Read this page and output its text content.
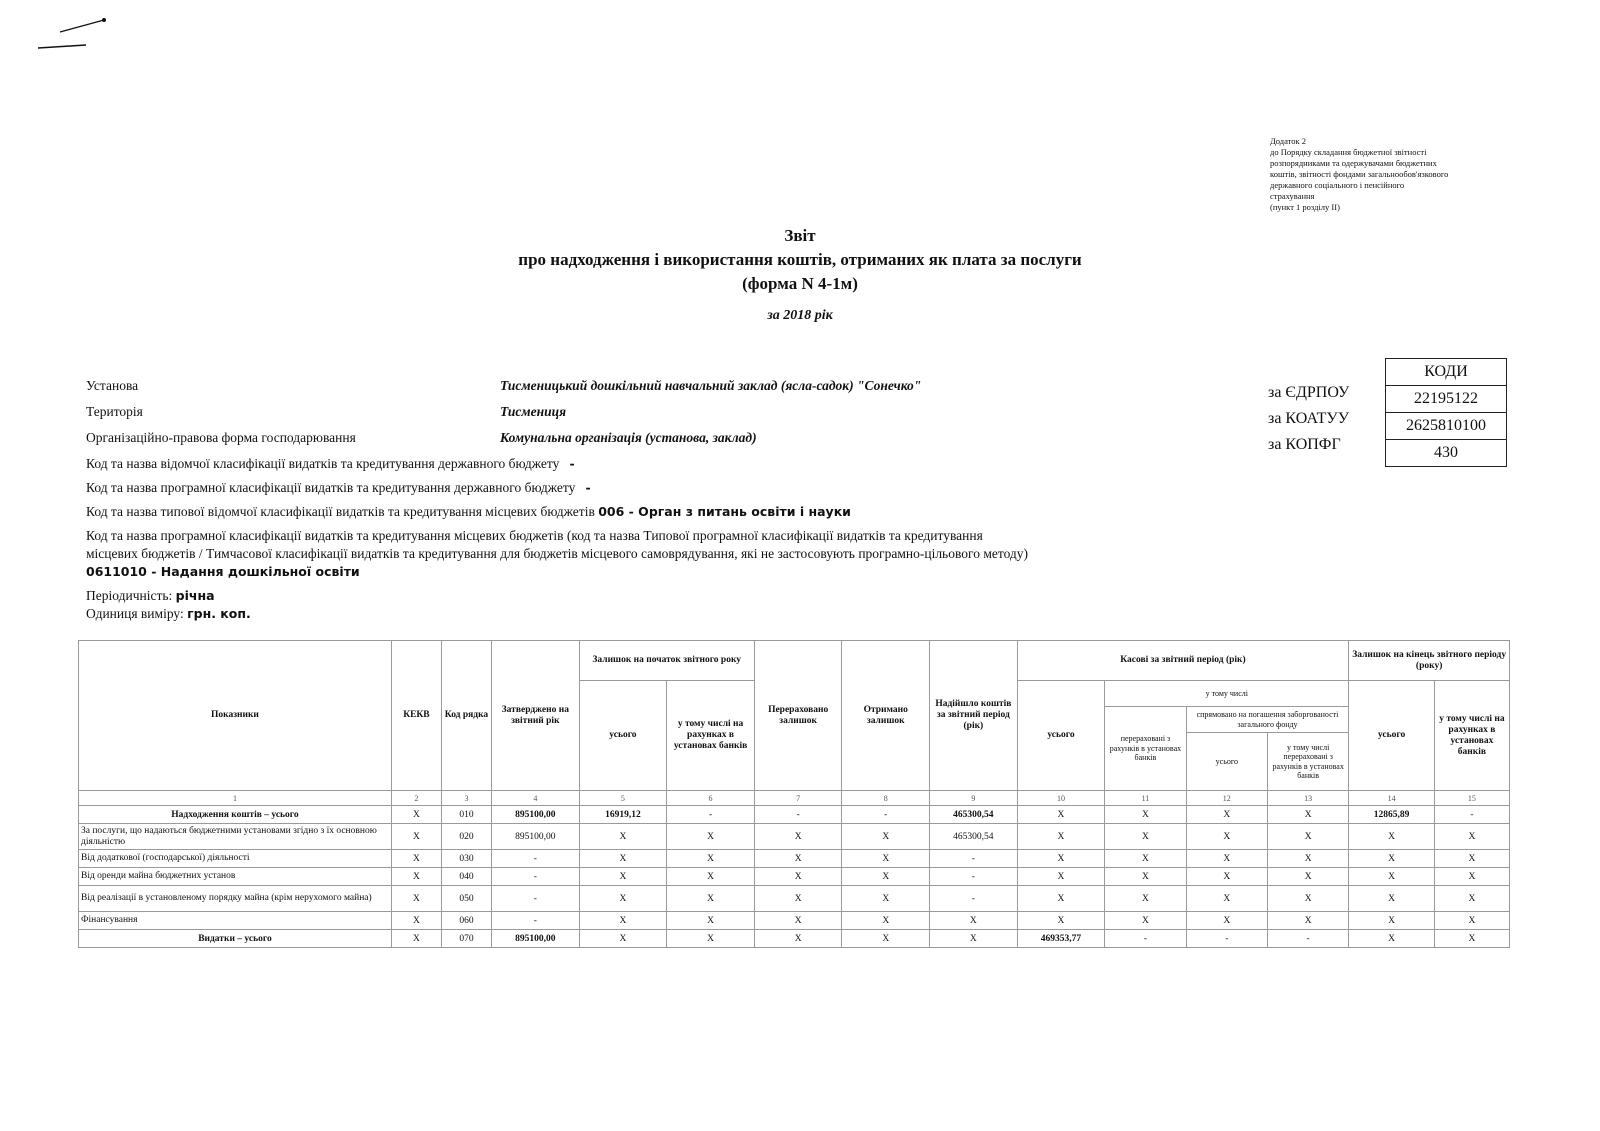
Додаток 2
до Порядку складання бюджетної звітності
розпорядниками та одержувачами бюджетних
коштів, звітності фондами загальнообов'язкового
державного соціального і пенсійного
страхування
(пункт 1 розділу ІІ)
Звіт
про надходження і використання коштів, отриманих як плата за послуги
(форма N 4-1м)
за 2018 рік
Установа	Тисменицький дошкільний навчальний заклад (ясла-садок) "Сонечко"
Територія	Тисмениця
Організаційно-правова форма господарювання	Комунальна організація (установа, заклад)
за ЄДРПОУ
за КОАТУУ
за КОПФГ
КОДИ
22195122
2625810100
430
Код та назва відомчої класифікації видатків та кредитування державного бюджету -
Код та назва програмної класифікації видатків та кредитування державного бюджету -
Код та назва типової відомчої класифікації видатків та кредитування місцевих бюджетів 006 - Орган з питань освіти і науки
Код та назва програмної класифікації видатків та кредитування місцевих бюджетів (код та назва Типової програмної класифікації видатків та кредитування
місцевих бюджетів / Тимчасової класифікації видатків та кредитування для бюджетів місцевого самоврядування, які не застосовують програмно-цільового методу)
0611010 - Надання дошкільної освіти
Періодичність: річна
Одиниця виміру: грн. коп.
Показники	КЕКВ	Код рядка	Затверджено на звітний рік	Залишок на початок звітного року		Перераховано залишок	Отримано залишок	Надійшло коштів за звітний період (рік)	Касові за звітний період (рік)				Залишок на кінець звітного періоду (року)	
				усього	у тому числі на рахунках в установах банків				усього	у тому числі			усього	у тому числі на рахунках в установах банків
										перераховані з рахунків в установах банків	спрямовано на погашення заборгованості загального фонду			
											усього	у тому числі перераховані з рахунків в установах банків		
1	2	3	4	5	6	7	8	9	10	11	12	13	14	15
Надходження коштів – усього	X	010	895100,00	16919,12	-	-	-	465300,54	X	X	X	X	12865,89	-
За послуги, що надаються бюджетними установами згідно з їх основною діяльністю	X	020	895100,00	X	X	X	X	465300,54	X	X	X	X	X	X
Від додаткової (господарської) діяльності	X	030	-	X	X	X	X	-	X	X	X	X	X	X
Від оренди майна бюджетних установ	X	040	-	X	X	X	X	-	X	X	X	X	X	X
Від реалізації в установленому порядку майна (крім нерухомого майна)	X	050	-	X	X	X	X	-	X	X	X	X	X	X
Фінансування	X	060	-	X	X	X	X	X	X	X	X	X	X	X
Видатки – усього	X	070	895100,00	X	X	X	X	X	469353,77	-	-	-	X	X
